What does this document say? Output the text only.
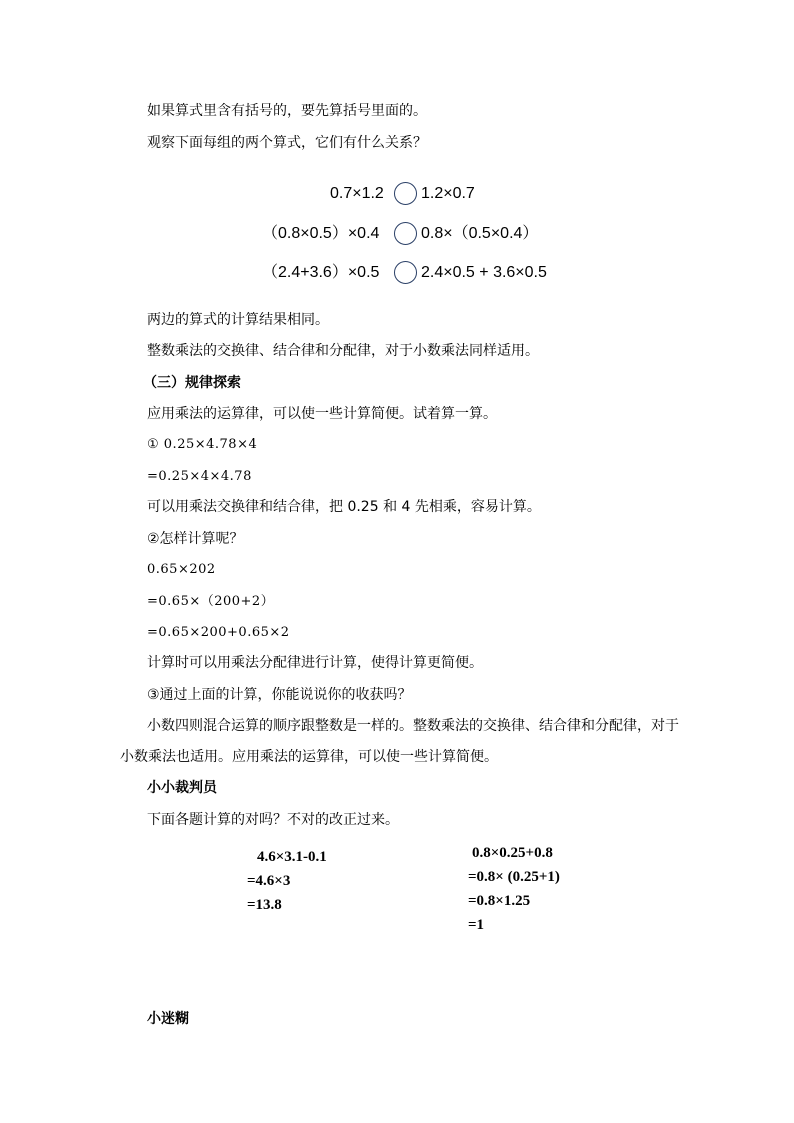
如果算式里含有括号的，要先算括号里面的。
观察下面每组的两个算式，它们有什么关系？
0.7×1.2 1.2×0.7
（0.8×0.5）×0.4	0.8×（0.5×0.4）
（2.4+3.6）×0.5	2.4×0.5 + 3.6×0.5
两边的算式的计算结果相同。
整数乘法的交换律、结合律和分配律，对于小数乘法同样适用。
（三）规律探索
应用乘法的运算律，可以使一些计算简便。试着算一算。
① 0.25×4.78×4
=0.25×4×4.78
可以用乘法交换律和结合律，把 0.25 和 4 先相乘，容易计算。
②怎样计算呢？
0.65×202
=0.65×（200+2）
=0.65×200+0.65×2
计算时可以用乘法分配律进行计算，使得计算更简便。
③通过上面的计算，你能说说你的收获吗？
小数四则混合运算的顺序跟整数是一样的。整数乘法的交换律、结合律和分配律，对于
小数乘法也适用。应用乘法的运算律，可以使一些计算简便。
小小裁判员
下面各题计算的对吗？不对的改正过来。
4.6×3.1-0.1
=4.6×3
=13.8
0.8×0.25+0.8
=0.8× (0.25+1)
=0.8×1.25
=1
小迷糊
